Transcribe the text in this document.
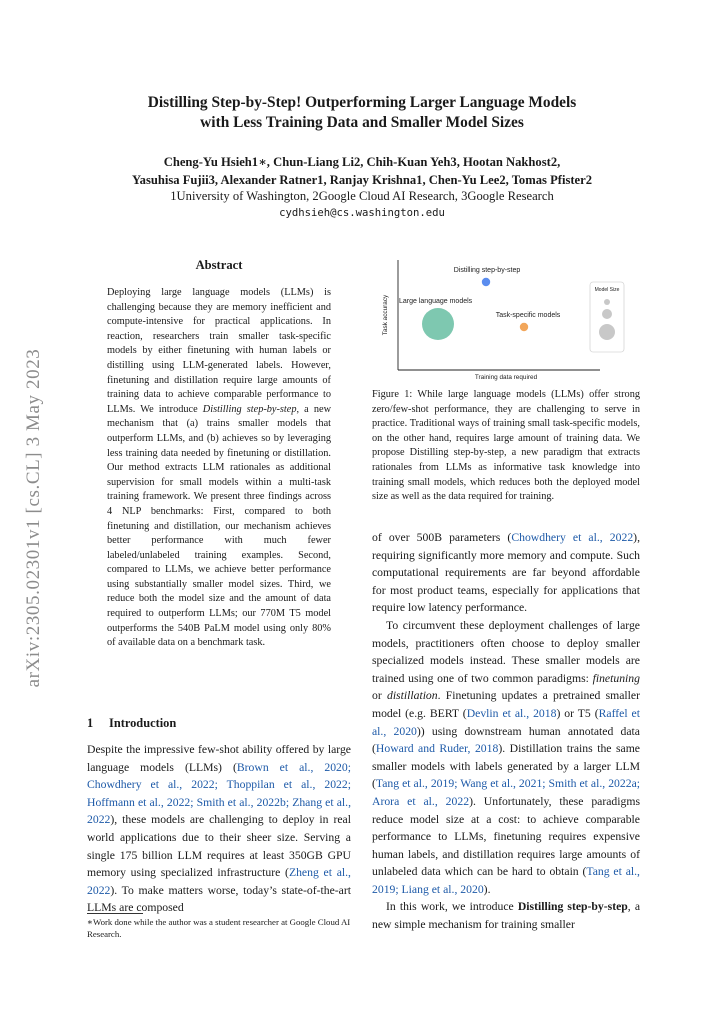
Distilling Step-by-Step! Outperforming Larger Language Models
with Less Training Data and Smaller Model Sizes
Cheng-Yu Hsieh1∗, Chun-Liang Li2, Chih-Kuan Yeh3, Hootan Nakhost2,
Yasuhisa Fujii3, Alexander Ratner1, Ranjay Krishna1, Chen-Yu Lee2, Tomas Pfister2
1University of Washington, 2Google Cloud AI Research, 3Google Research
cydhsieh@cs.washington.edu
arXiv:2305.02301v1 [cs.CL] 3 May 2023
Abstract
Deploying large language models (LLMs) is challenging because they are memory inefficient and compute-intensive for practical applications. In reaction, researchers train smaller task-specific models by either finetuning with human labels or distilling using LLM-generated labels. However, finetuning and distillation require large amounts of training data to achieve comparable performance to LLMs. We introduce Distilling step-by-step, a new mechanism that (a) trains smaller models that outperform LLMs, and (b) achieves so by leveraging less training data needed by finetuning or distillation. Our method extracts LLM rationales as additional supervision for small models within a multi-task training framework. We present three findings across 4 NLP benchmarks: First, compared to both finetuning and distillation, our mechanism achieves better performance with much fewer labeled/unlabeled training examples. Second, compared to LLMs, we achieve better performance using substantially smaller model sizes. Third, we reduce both the model size and the amount of data required to outperform LLMs; our 770M T5 model outperforms the 540B PaLM model using only 80% of available data on a benchmark task.
1 Introduction
Despite the impressive few-shot ability offered by large language models (LLMs) (Brown et al., 2020; Chowdhery et al., 2022; Thoppilan et al., 2022; Hoffmann et al., 2022; Smith et al., 2022b; Zhang et al., 2022), these models are challenging to deploy in real world applications due to their sheer size. Serving a single 175 billion LLM requires at least 350GB GPU memory using specialized infrastructure (Zheng et al., 2022). To make matters worse, today’s state-of-the-art LLMs are composed
∗Work done while the author was a student researcher at Google Cloud AI Research.
Task accuracy
Training data required
Distilling step-by-step
Large language models
Task-specific models
Model Size
Figure 1: While large language models (LLMs) offer strong zero/few-shot performance, they are challenging to serve in practice. Traditional ways of training small task-specific models, on the other hand, requires large amount of training data. We propose Distilling step-by-step, a new paradigm that extracts rationales from LLMs as informative task knowledge into training small models, which reduces both the deployed model size as well as the data required for training.

of over 500B parameters (Chowdhery et al., 2022), requiring significantly more memory and compute. Such computational requirements are far beyond affordable for most product teams, especially for applications that require low latency performance.

To circumvent these deployment challenges of large models, practitioners often choose to deploy smaller specialized models instead. These smaller models are trained using one of two common paradigms: finetuning or distillation. Finetuning updates a pretrained smaller model (e.g. BERT (Devlin et al., 2018) or T5 (Raffel et al., 2020)) using downstream human annotated data (Howard and Ruder, 2018). Distillation trains the same smaller models with labels generated by a larger LLM (Tang et al., 2019; Wang et al., 2021; Smith et al., 2022a; Arora et al., 2022). Unfortunately, these paradigms reduce model size at a cost: to achieve comparable performance to LLMs, finetuning requires expensive human labels, and distillation requires large amounts of unlabeled data which can be hard to obtain (Tang et al., 2019; Liang et al., 2020).

In this work, we introduce Distilling step-by-step, a new simple mechanism for training smaller
